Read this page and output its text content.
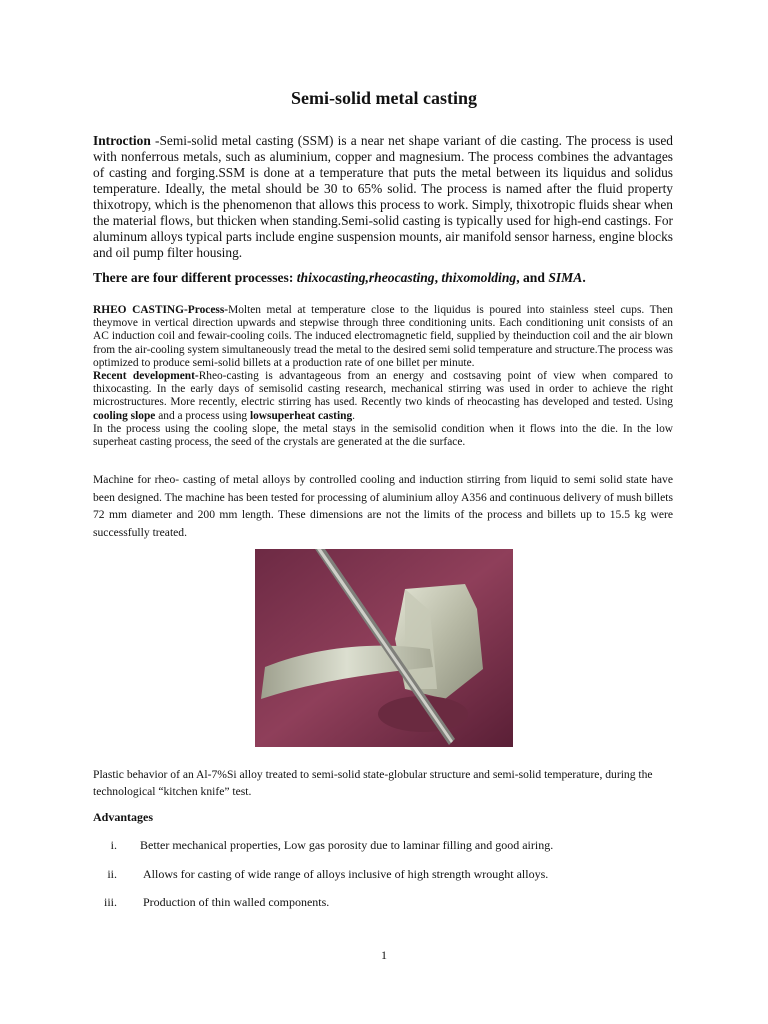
Semi-solid metal casting

Introction -Semi-solid metal casting (SSM) is a near net shape variant of die casting. The process is used with nonferrous metals, such as aluminium, copper and magnesium. The process combines the advantages of casting and forging.SSM is done at a temperature that puts the metal between its liquidus and solidus temperature. Ideally, the metal should be 30 to 65% solid. The process is named after the fluid property thixotropy, which is the phenomenon that allows this process to work. Simply, thixotropic fluids shear when the material flows, but thicken when standing.Semi-solid casting is typically used for high-end castings. For aluminum alloys typical parts include engine suspension mounts, air manifold sensor harness, engine blocks and oil pump filter housing.

There are four different processes: thixocasting,rheocasting, thixomolding, and SIMA.

RHEO CASTING-Process-Molten metal at temperature close to the liquidus is poured into stainless steel cups. Then theymove in vertical direction upwards and stepwise through three conditioning units. Each conditioning unit consists of an AC induction coil and fewair-cooling coils. The induced electromagnetic field, supplied by theinduction coil and the air blown from the air-cooling system simultaneously tread the metal to the desired semi solid temperature and structure.The process was optimized to produce semi-solid billets at a production rate of one billet per minute.
Recent development-Rheo-casting is advantageous from an energy and costsaving point of view when compared to thixocasting. In the early days of semisolid casting research, mechanical stirring was used in order to achieve the right microstructures. More recently, electric stirring has used. Recently two kinds of rheocasting has developed and tested. Using cooling slope and a process using lowsuperheat casting.
In the process using the cooling slope, the metal stays in the semisolid condition when it flows into the die. In the low superheat casting process, the seed of the crystals are generated at the die surface.

Machine for rheo- casting of metal alloys by controlled cooling and induction stirring from liquid to semi solid state have been designed. The machine has been tested for processing of aluminium alloy A356 and continuous delivery of mush billets 72 mm diameter and 200 mm length. These dimensions are not the limits of the process and billets up to 15.5 kg were successfully treated.

Plastic behavior of an Al-7%Si alloy treated to semi-solid state-globular structure and semi-solid temperature, during the technological “kitchen knife” test.

Advantages

i. Better mechanical properties, Low gas porosity due to laminar filling and good airing.
ii. Allows for casting of wide range of alloys inclusive of high strength wrought alloys.
iii. Production of thin walled components.
1
